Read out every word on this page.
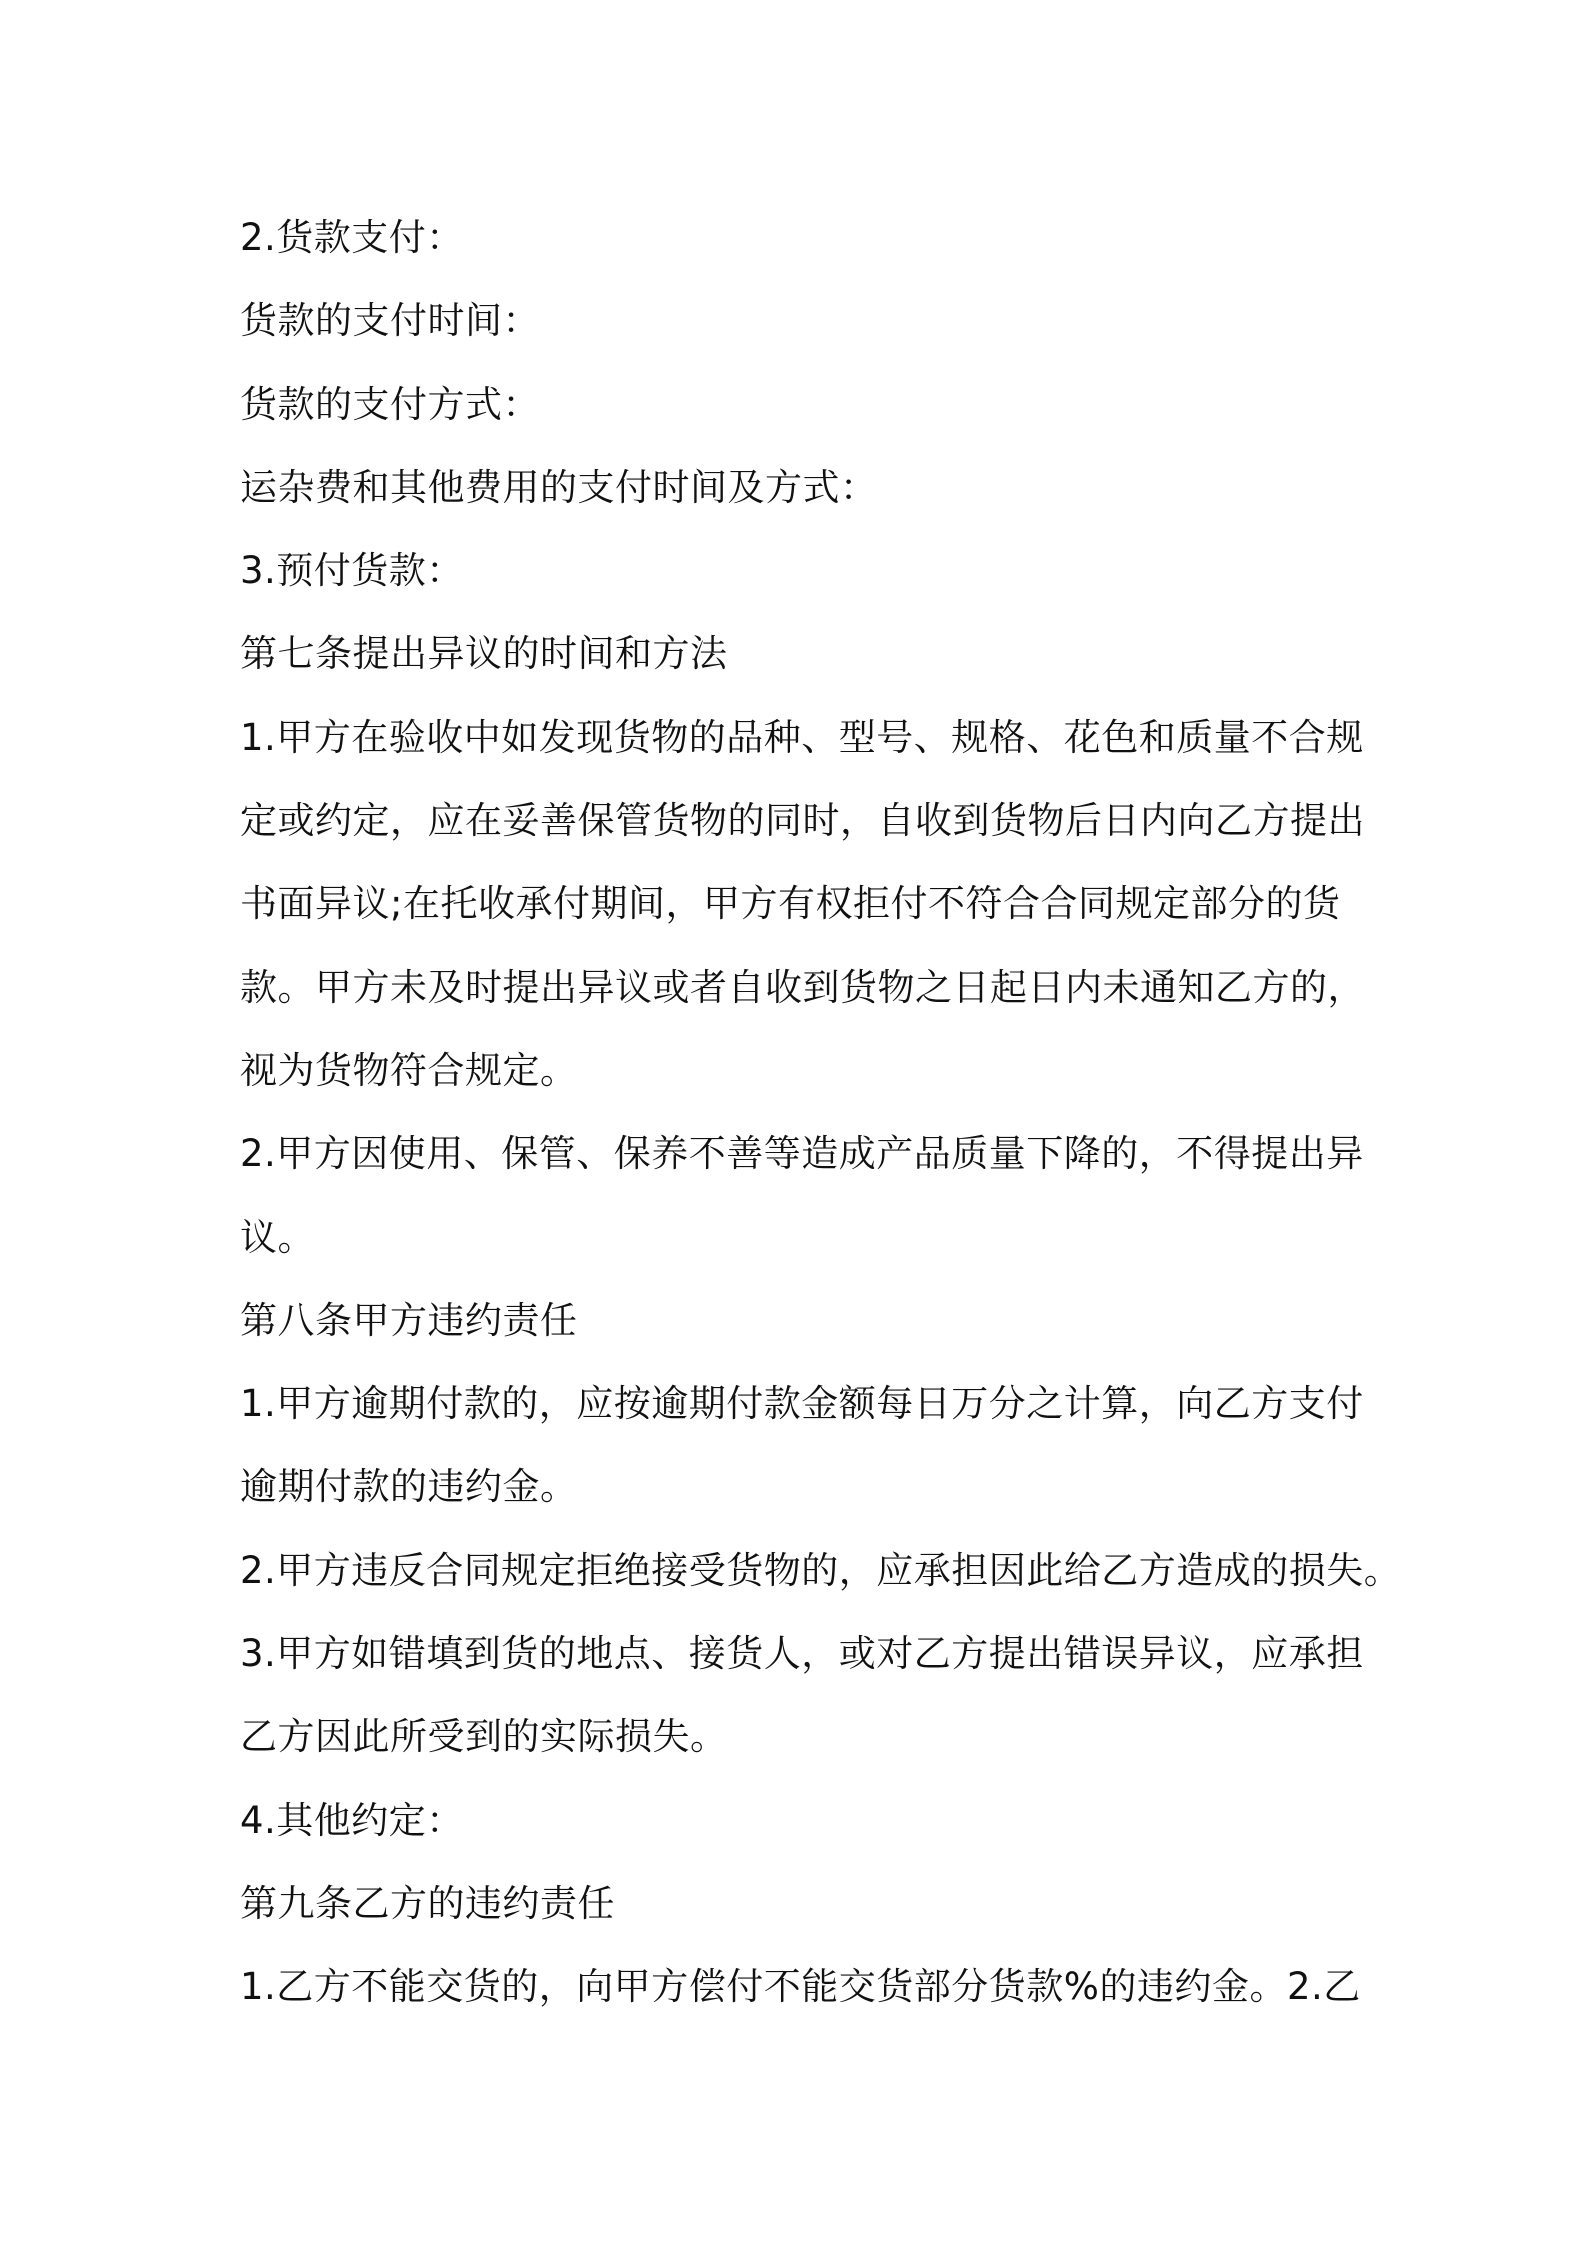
2.货款支付：

货款的支付时间：

货款的支付方式：

运杂费和其他费用的支付时间及方式：

3.预付货款：

第七条提出异议的时间和方法

1.甲方在验收中如发现货物的品种、型号、规格、花色和质量不合规

定或约定，应在妥善保管货物的同时，自收到货物后日内向乙方提出

书面异议;在托收承付期间，甲方有权拒付不符合合同规定部分的货

款。甲方未及时提出异议或者自收到货物之日起日内未通知乙方的，

视为货物符合规定。

2.甲方因使用、保管、保养不善等造成产品质量下降的，不得提出异

议。

第八条甲方违约责任

1.甲方逾期付款的，应按逾期付款金额每日万分之计算，向乙方支付

逾期付款的违约金。

2.甲方违反合同规定拒绝接受货物的，应承担因此给乙方造成的损失。

3.甲方如错填到货的地点、接货人，或对乙方提出错误异议，应承担

乙方因此所受到的实际损失。

4.其他约定：

第九条乙方的违约责任

1.乙方不能交货的，向甲方偿付不能交货部分货款%的违约金。2.乙
